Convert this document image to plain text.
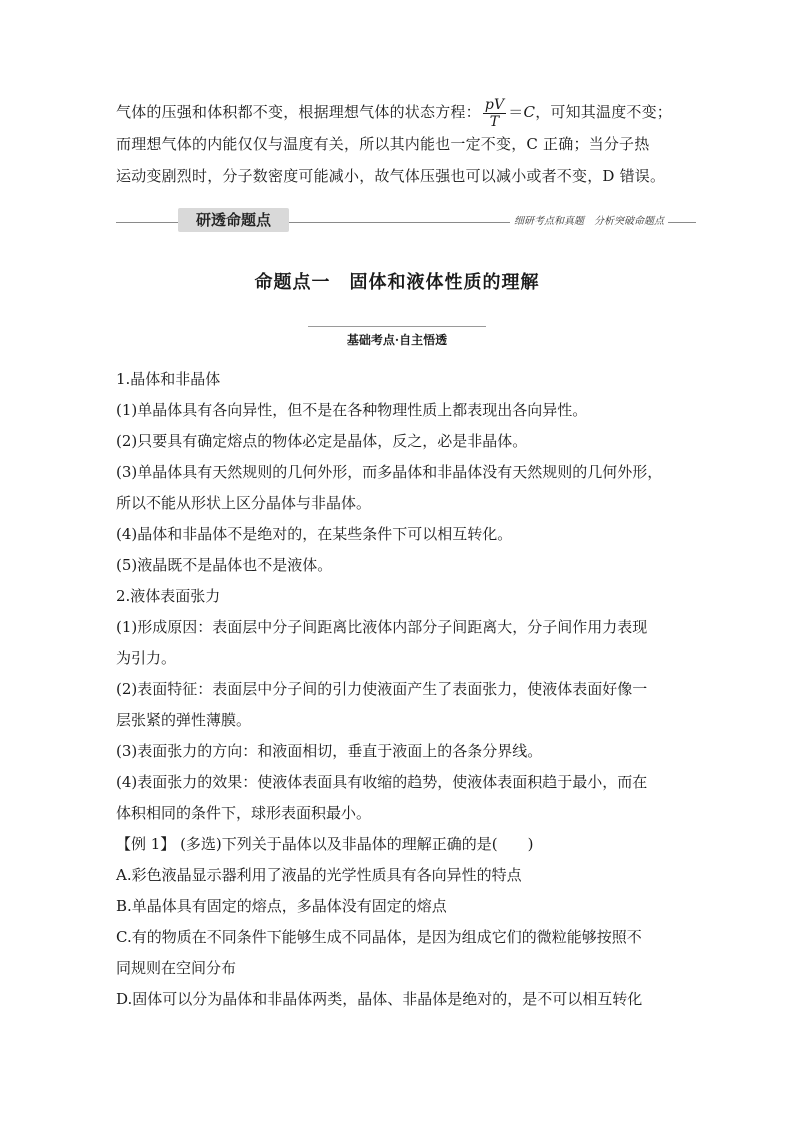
气体的压强和体积都不变，根据理想气体的状态方程： $\frac{pV}{T} =C$，可知其温度不变；
而理想气体的内能仅仅与温度有关，所以其内能也一定不变，C 正确；当分子热
运动变剧烈时，分子数密度可能减小，故气体压强也可以减小或者不变，D 错误。
研透命题点	细研考点和真题　分析突破命题点
命题点一　固体和液体性质的理解
基础考点·自主悟透

1.晶体和非晶体

(1)单晶体具有各向异性，但不是在各种物理性质上都表现出各向异性。

(2)只要具有确定熔点的物体必定是晶体，反之，必是非晶体。

(3)单晶体具有天然规则的几何外形，而多晶体和非晶体没有天然规则的几何外形，

所以不能从形状上区分晶体与非晶体。

(4)晶体和非晶体不是绝对的，在某些条件下可以相互转化。

(5)液晶既不是晶体也不是液体。

2.液体表面张力

(1)形成原因：表面层中分子间距离比液体内部分子间距离大，分子间作用力表现

为引力。

(2)表面特征：表面层中分子间的引力使液面产生了表面张力，使液体表面好像一

层张紧的弹性薄膜。

(3)表面张力的方向：和液面相切，垂直于液面上的各条分界线。

(4)表面张力的效果：使液体表面具有收缩的趋势，使液体表面积趋于最小，而在

体积相同的条件下，球形表面积最小。

【例 1】 (多选)下列关于晶体以及非晶体的理解正确的是(　　)

A.彩色液晶显示器利用了液晶的光学性质具有各向异性的特点

B.单晶体具有固定的熔点，多晶体没有固定的熔点

C.有的物质在不同条件下能够生成不同晶体，是因为组成它们的微粒能够按照不

同规则在空间分布

D.固体可以分为晶体和非晶体两类，晶体、非晶体是绝对的，是不可以相互转化
